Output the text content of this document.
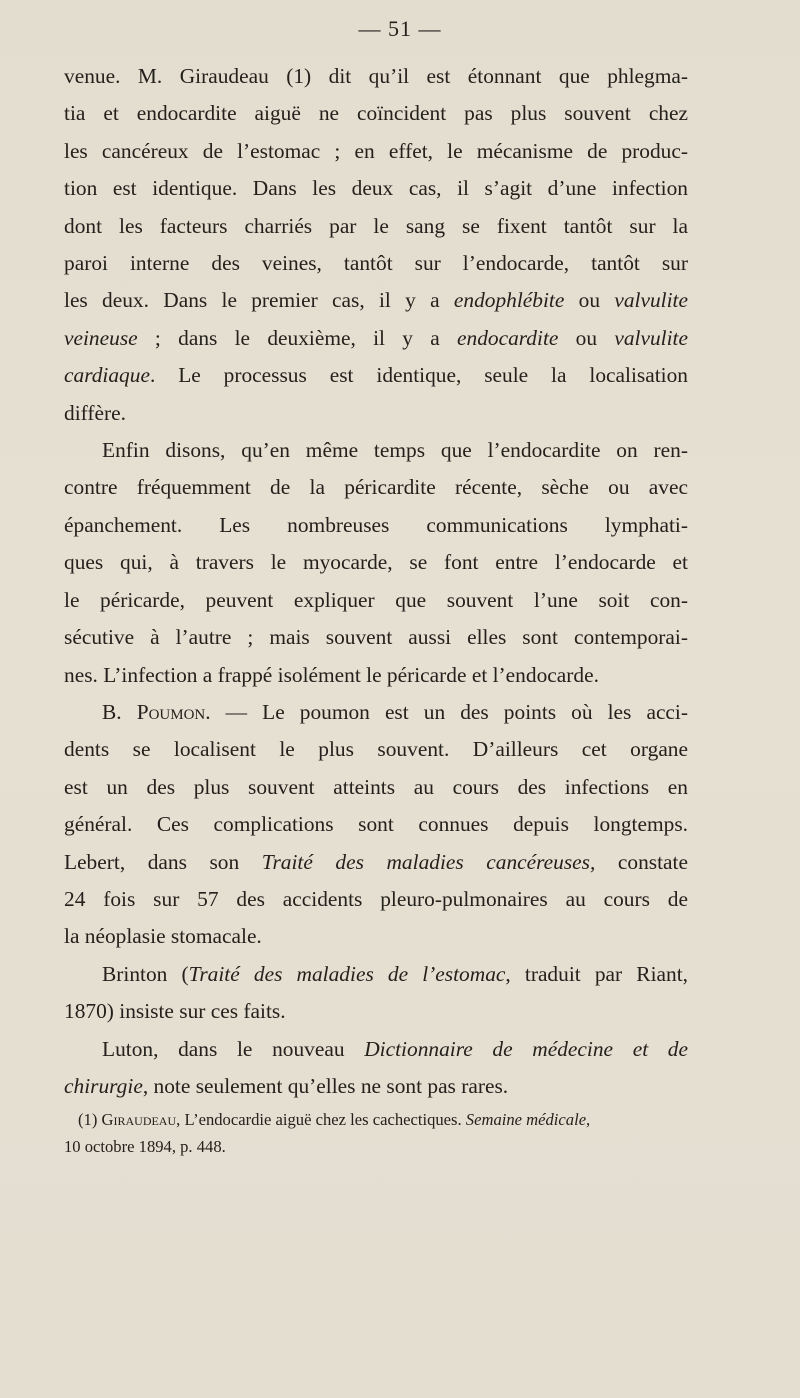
— 51 —
venue. M. Giraudeau (1) dit qu’il est étonnant que phlegma-
tia et endocardite aiguë ne coïncident pas plus souvent chez
les cancéreux de l’estomac ; en effet, le mécanisme de produc-
tion est identique. Dans les deux cas, il s’agit d’une infection
dont les facteurs charriés par le sang se fixent tantôt sur la
paroi interne des veines, tantôt sur l’endocarde, tantôt sur
les deux. Dans le premier cas, il y a endophlébite ou valvulite
veineuse ; dans le deuxième, il y a endocardite ou valvulite
cardiaque. Le processus est identique, seule la localisation
diffère.
Enfin disons, qu’en même temps que l’endocardite on ren-
contre fréquemment de la péricardite récente, sèche ou avec
épanchement. Les nombreuses communications lymphati-
ques qui, à travers le myocarde, se font entre l’endocarde et
le péricarde, peuvent expliquer que souvent l’une soit con-
sécutive à l’autre ; mais souvent aussi elles sont contemporai-
nes. L’infection a frappé isolément le péricarde et l’endocarde.
B. Poumon. — Le poumon est un des points où les acci-
dents se localisent le plus souvent. D’ailleurs cet organe
est un des plus souvent atteints au cours des infections en
général. Ces complications sont connues depuis longtemps.
Lebert, dans son Traité des maladies cancéreuses, constate
24 fois sur 57 des accidents pleuro-pulmonaires au cours de
la néoplasie stomacale.
Brinton (Traité des maladies de l’estomac, traduit par Riant,
1870) insiste sur ces faits.
Luton, dans le nouveau Dictionnaire de médecine et de
chirurgie, note seulement qu’elles ne sont pas rares.
(1) Giraudeau, L’endocardie aiguë chez les cachectiques. Semaine médicale,
10 octobre 1894, p. 448.
